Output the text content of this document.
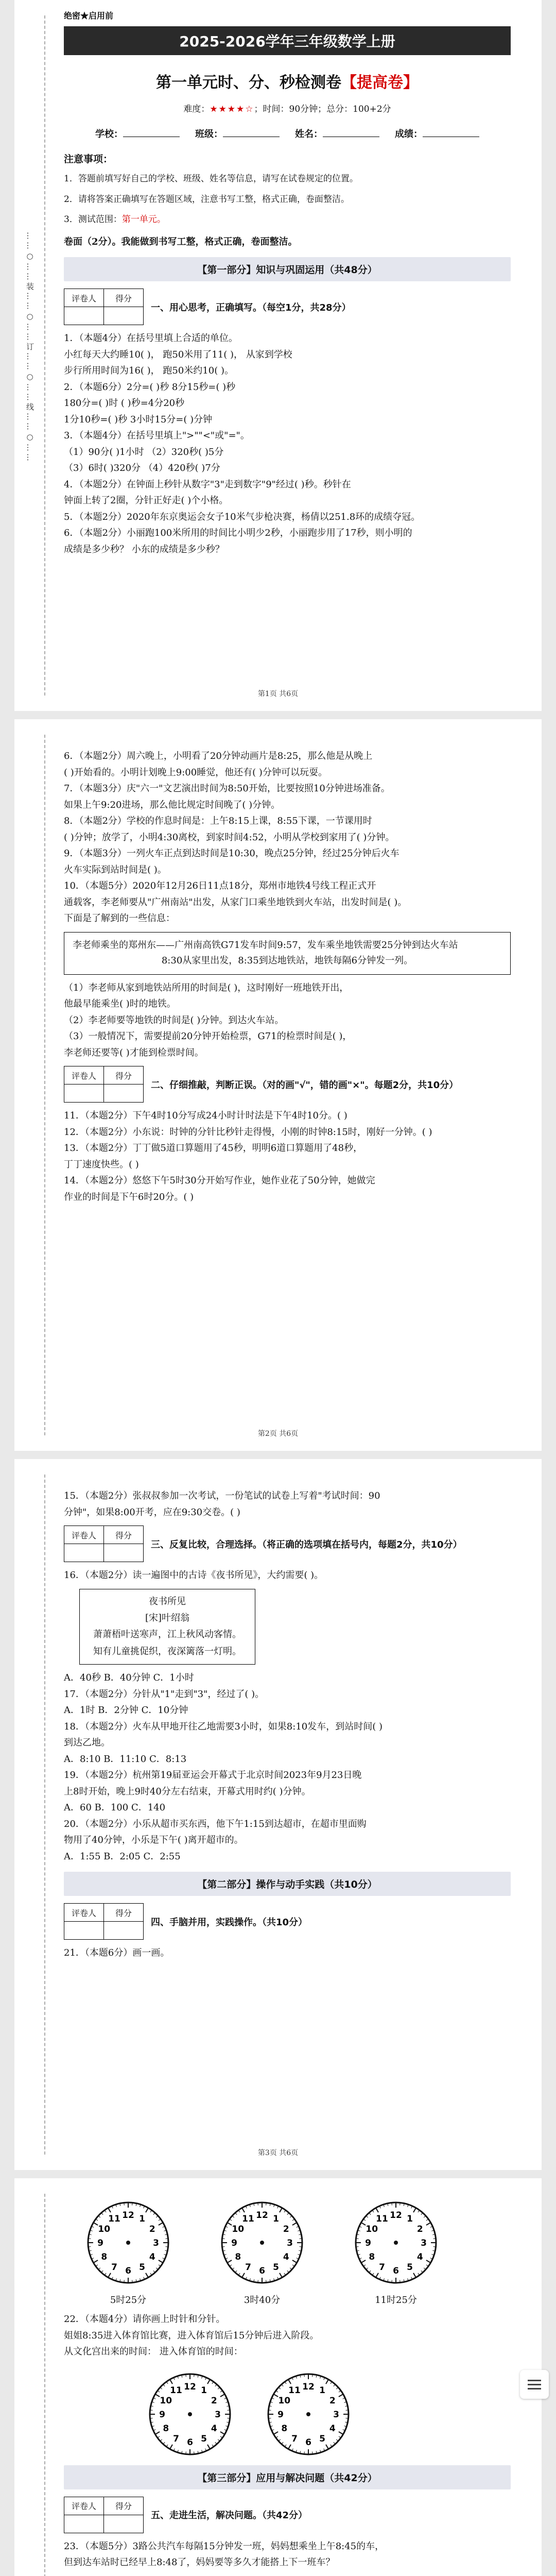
……○……装……○……订……○……线……○……
绝密★启用前
2025-2026学年三年级数学上册
第一单元时、分、秒检测卷【提高卷】
难度：★★★★☆；时间：90分钟；总分：100+2分
学校：	班级：	姓名：	成绩：
注意事项：
1．答题前填写好自己的学校、班级、姓名等信息，请写在试卷规定的位置。
2．请将答案正确填写在答题区域，注意书写工整，格式正确，卷面整洁。
3．测试范围：第一单元。

卷面（2分）。我能做到书写工整，格式正确，卷面整洁。

【第一部分】知识与巩固运用（共48分）
评卷人	得分

一、用心思考，正确填写。（每空1分，共28分）

1．（本题4分）在括号里填上合适的单位。

小红每天大约睡10( )， 跑50米用了11( )， 从家到学校

步行所用时间为16( )， 跑50米约10( )。

2．（本题6分）2分=( )秒 8分15秒=( )秒

180分=( )时 ( )秒=4分20秒

1分10秒=( )秒 3小时15分=( )分钟

3．（本题4分）在括号里填上">""<"或"="。

（1）90分( )1小时 （2）320秒( )5分

（3）6时( )320分 （4）420秒( )7分

4．（本题2分）在钟面上秒针从数字"3"走到数字"9"经过( )秒。秒针在

钟面上转了2圈，分针正好走( )个小格。

5．（本题2分）2020年东京奥运会女子10米气步枪决赛，杨倩以251.8环的成绩夺冠。

6．（本题2分）小丽跑100米所用的时间比小明少2秒，小丽跑步用了17秒，则小明的

成绩是多少秒？ 小东的成绩是多少秒？

第1页 共6页

6．（本题2分）周六晚上，小明看了20分钟动画片是8:25，那么他是从晚上

( )开始看的。小明计划晚上9:00睡觉，他还有( )分钟可以玩耍。

7．（本题3分）庆"六一"文艺演出时间为8:50开始，比要按照10分钟进场准备。

如果上午9:20进场，那么他比规定时间晚了( )分钟。

8．（本题2分）学校的作息时间是：上午8:15上课，8:55下课，一节课用时

( )分钟；放学了，小明4:30离校，到家时间4:52，小明从学校到家用了( )分钟。

9．（本题3分）一列火车正点到达时间是10:30，晚点25分钟，经过25分钟后火车

火车实际到站时间是( )。

10．（本题5分）2020年12月26日11点18分，郑州市地铁4号线工程正式开

通载客，李老师要从"广州南站"出发，从家门口乘坐地铁到火车站，出发时间是( )。

下面是了解到的一些信息：

李老师乘坐的郑州东——广州南高铁G71发车时间9:57，发车乘坐地铁需要25分钟到达火车站
8:30从家里出发，8:35到达地铁站，地铁每隔6分钟发一列。

（1）李老师从家到地铁站所用的时间是( )，这时刚好一班地铁开出，

他最早能乘坐( )时的地铁。

（2）李老师要等地铁的时间是( )分钟。到达火车站。

（3）一般情况下，需要提前20分钟开始检票，G71的检票时间是( )，

李老师还要等( )才能到检票时间。

评卷人	得分

二、仔细推敲，判断正误。（对的画"√"，错的画"×"。每题2分，共10分）

11．（本题2分）下午4时10分写成24小时计时法是下午4时10分。( )

12．（本题2分）小东说：时钟的分针比秒针走得慢，小刚的时钟8:15时，刚好一分钟。( )

13．（本题2分）丁丁做5道口算题用了45秒，明明6道口算题用了48秒，

丁丁速度快些。( )

14．（本题2分）悠悠下午5时30分开始写作业，她作业花了50分钟，她做完

作业的时间是下午6时20分。( )

第2页 共6页

15．（本题2分）张叔叔参加一次考试，一份笔试的试卷上写着"考试时间：90

分钟"，如果8:00开考，应在9:30交卷。( )

评卷人	得分

三、反复比较，合理选择。（将正确的选项填在括号内，每题2分，共10分）

16．（本题2分）读一遍图中的古诗《夜书所见》，大约需要( )。

夜书所见
[宋]叶绍翁
萧萧梧叶送寒声，江上秋风动客情。
知有儿童挑促织，夜深篱落一灯明。

A．40秒 B．40分钟 C．1小时

17．（本题2分）分针从"1"走到"3"，经过了( )。

A．1时 B．2分钟 C．10分钟

18．（本题2分）火车从甲地开往乙地需要3小时，如果8:10发车，到站时间( )

到达乙地。

A．8:10 B．11:10 C．8:13

19．（本题2分）杭州第19届亚运会开幕式于北京时间2023年9月23日晚

上8时开始，晚上9时40分左右结束，开幕式用时约( )分钟。

A．60 B．100 C．140

20．（本题2分）小乐从超市买东西，他下午1:15到达超市，在超市里面购

物用了40分钟，小乐是下午( )离开超市的。

A．1:55 B．2:05 C．2:55

【第二部分】操作与动手实践（共10分）
评卷人	得分

四、手脑并用，实践操作。（共10分）

21．（本题6分）画一画。

第3页 共6页
1
2
3
4
5
6
7
8
9
10
11 12
5时25分
1
2
3
4
5
6
7
8
9
10
11 12
3时40分
1
2
3
4
5
6
7
8
9
10
11 12
11时25分

22．（本题4分）请你画上时针和分针。

姐姐8:35进入体育馆比赛，进入体育馆后15分钟后进入阶段。

从文化宫出来的时间： 进入体育馆的时间：

1
2
3
4
5
6
7
8
9
10
11 12	1
2
3
4
5
6
7
8
9
10
11 12
【第三部分】应用与解决问题（共42分）
评卷人	得分

五、走进生活，解决问题。（共42分）

23．（本题5分）3路公共汽车每隔15分钟发一班，妈妈想乘坐上午8:45的车，

但到达车站时已经早上8:48了，妈妈要等多久才能搭上下一班车？
